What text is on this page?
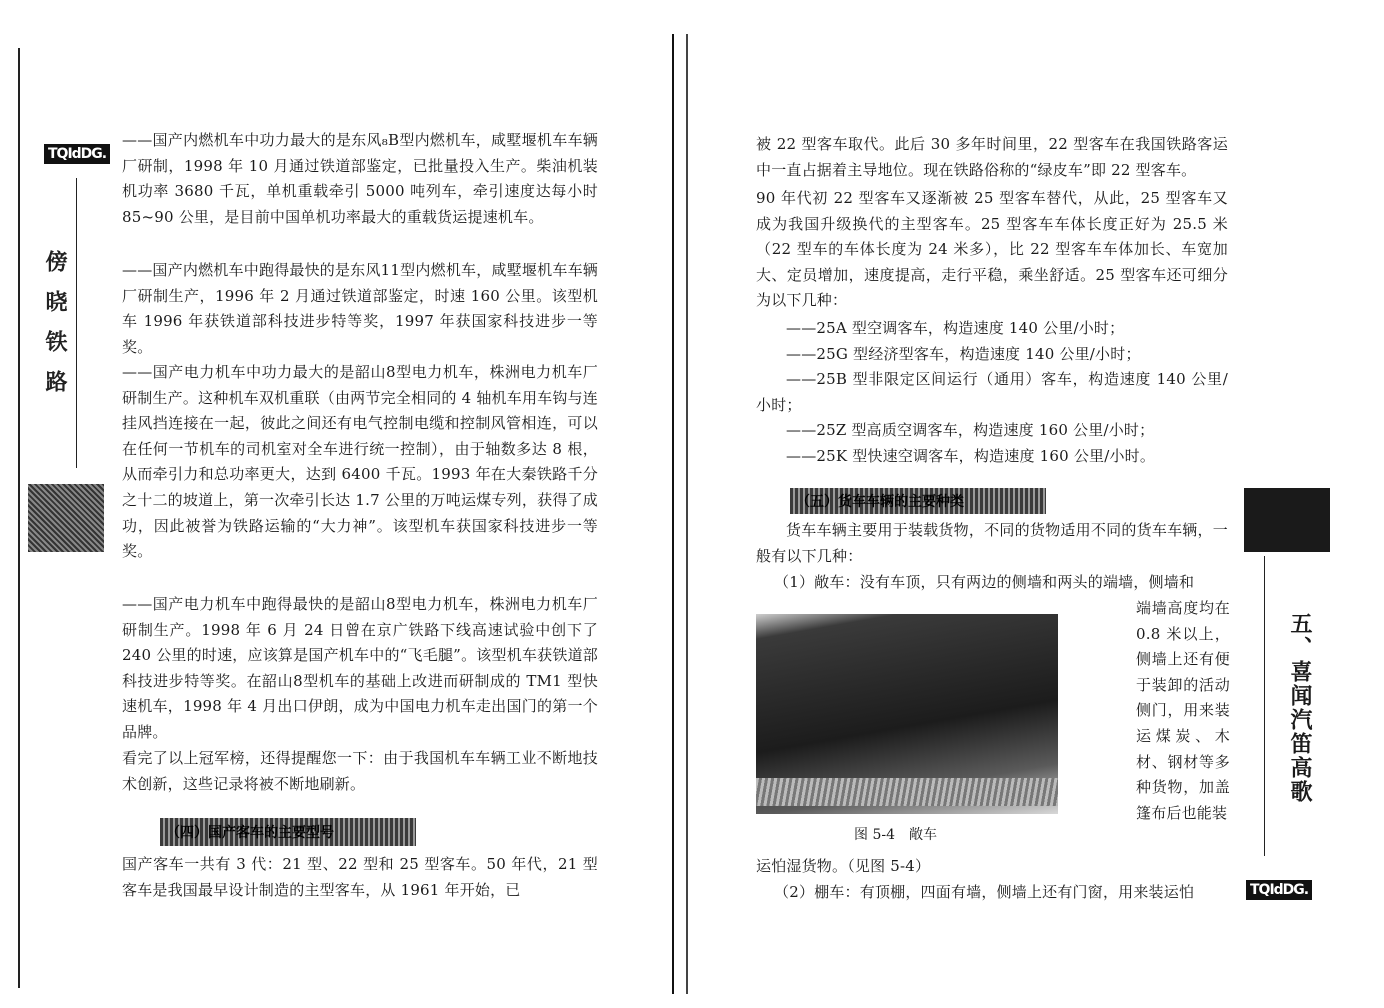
TQIdDG.
傍晓铁路

——国产内燃机车中功力最大的是东风₈B型内燃机车，咸墅堰机车车辆厂研制，1998 年 10 月通过铁道部鉴定，已批量投入生产。柴油机装机功率 3680 千瓦，单机重载牵引 5000 吨列车，牵引速度达每小时 85~90 公里，是目前中国单机功率最大的重载货运提速机车。

——国产内燃机车中跑得最快的是东风11型内燃机车，咸墅堰机车车辆厂研制生产，1996 年 2 月通过铁道部鉴定，时速 160 公里。该型机车 1996 年获铁道部科技进步特等奖，1997 年获国家科技进步一等奖。

——国产电力机车中功力最大的是韶山8型电力机车，株洲电力机车厂研制生产。这种机车双机重联（由两节完全相同的 4 轴机车用车钩与连挂风挡连接在一起，彼此之间还有电气控制电缆和控制风管相连，可以在任何一节机车的司机室对全车进行统一控制），由于轴数多达 8 根，从而牵引力和总功率更大，达到 6400 千瓦。1993 年在大秦铁路千分之十二的坡道上，第一次牵引长达 1.7 公里的万吨运煤专列，获得了成功，因此被誉为铁路运输的“大力神”。该型机车获国家科技进步一等奖。

——国产电力机车中跑得最快的是韶山8型电力机车，株洲电力机车厂研制生产。1998 年 6 月 24 日曾在京广铁路下线高速试验中创下了 240 公里的时速，应该算是国产机车中的“飞毛腿”。该型机车获铁道部科技进步特等奖。在韶山8型机车的基础上改进而研制成的 TM1 型快速机车，1998 年 4 月出口伊朗，成为中国电力机车走出国门的第一个品牌。

看完了以上冠军榜，还得提醒您一下：由于我国机车车辆工业不断地技术创新，这些记录将被不断地刷新。

（四）国产客车的主要型号

国产客车一共有 3 代：21 型、22 型和 25 型客车。50 年代，21 型客车是我国最早设计制造的主型客车，从 1961 年开始，已

被 22 型客车取代。此后 30 多年时间里，22 型客车在我国铁路客运中一直占据着主导地位。现在铁路俗称的“绿皮车”即 22 型客车。

90 年代初 22 型客车又逐渐被 25 型客车替代，从此，25 型客车又成为我国升级换代的主型客车。25 型客车车体长度正好为 25.5 米（22 型车的车体长度为 24 米多），比 22 型客车车体加长、车宽加大、定员增加，速度提高，走行平稳，乘坐舒适。25 型客车还可细分为以下几种：

——25A 型空调客车，构造速度 140 公里/小时；

——25G 型经济型客车，构造速度 140 公里/小时；

——25B 型非限定区间运行（通用）客车，构造速度 140 公里/小时；

——25Z 型高质空调客车，构造速度 160 公里/小时；

——25K 型快速空调客车，构造速度 160 公里/小时。

（五）货车车辆的主要种类

货车车辆主要用于装载货物，不同的货物适用不同的货车车辆，一般有以下几种：

（1）敞车：没有车顶，只有两边的侧墙和两头的端墙，侧墙和

图 5-4　敞车

端墙高度均在 0.8 米以上，侧墙上还有便于装卸的活动侧门，用来装运煤炭、木材、钢材等多种货物，加盖篷布后也能装

运怕湿货物。（见图 5-4）

（2）棚车：有顶棚，四面有墙，侧墙上还有门窗，用来装运怕

五、喜闻汽笛高歌
TQIdDG.
